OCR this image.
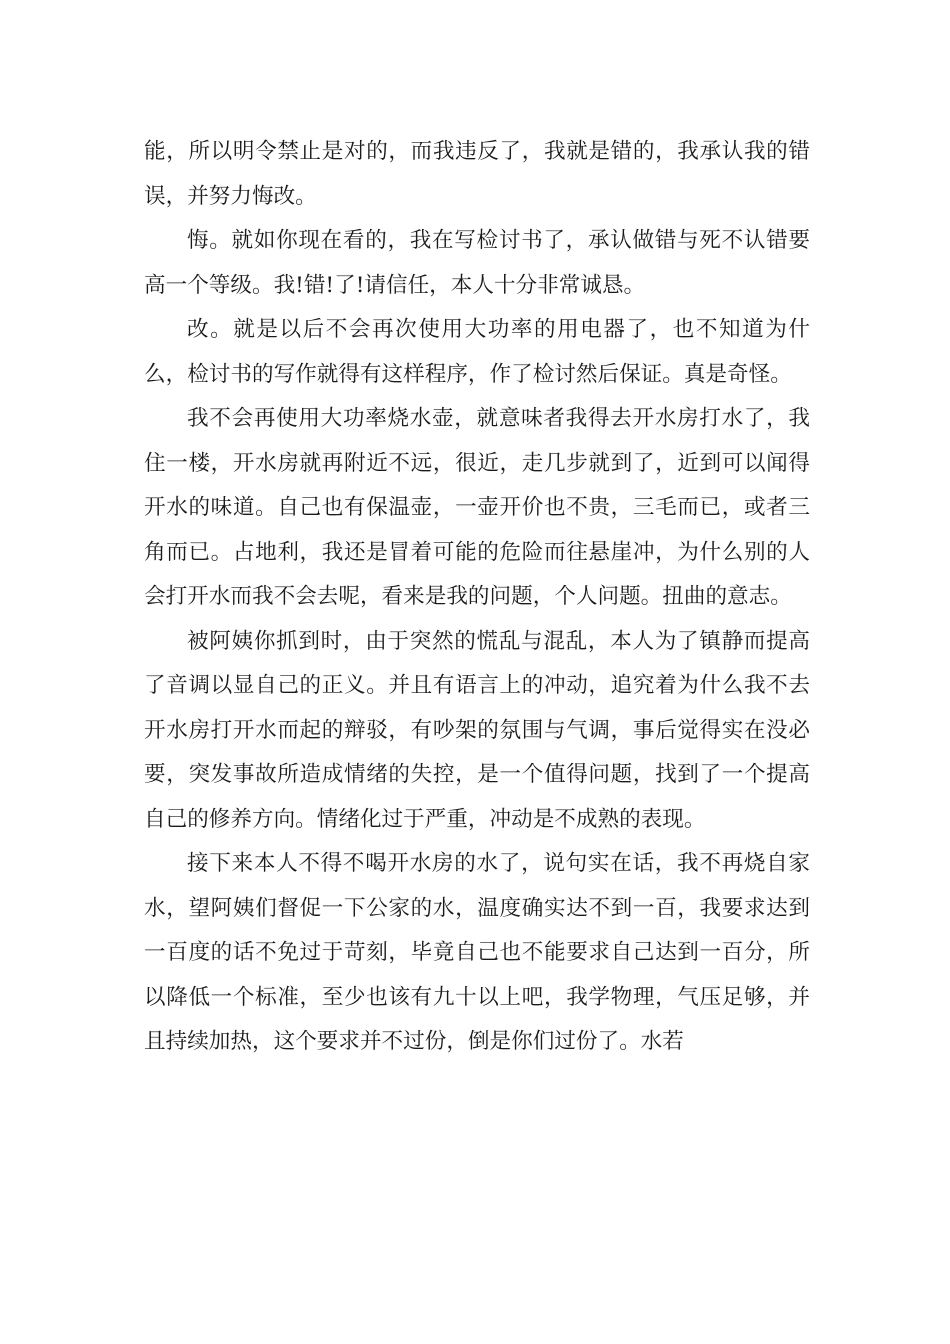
能，所以明令禁止是对的，而我违反了，我就是错的，我承认我的错误，并努力悔改。

悔。就如你现在看的，我在写检讨书了，承认做错与死不认错要高一个等级。我!错!了!请信任，本人十分非常诚恳。

改。就是以后不会再次使用大功率的用电器了，也不知道为什么，检讨书的写作就得有这样程序，作了检讨然后保证。真是奇怪。

我不会再使用大功率烧水壶，就意味者我得去开水房打水了，我住一楼，开水房就再附近不远，很近，走几步就到了，近到可以闻得开水的味道。自己也有保温壶，一壶开价也不贵，三毛而已，或者三角而已。占地利，我还是冒着可能的危险而往悬崖冲，为什么别的人会打开水而我不会去呢，看来是我的问题，个人问题。扭曲的意志。

被阿姨你抓到时，由于突然的慌乱与混乱，本人为了镇静而提高了音调以显自己的正义。并且有语言上的冲动，追究着为什么我不去开水房打开水而起的辩驳，有吵架的氛围与气调，事后觉得实在没必要，突发事故所造成情绪的失控，是一个值得问题，找到了一个提高自己的修养方向。情绪化过于严重，冲动是不成熟的表现。

接下来本人不得不喝开水房的水了，说句实在话，我不再烧自家水，望阿姨们督促一下公家的水，温度确实达不到一百，我要求达到一百度的话不免过于苛刻，毕竟自己也不能要求自己达到一百分，所以降低一个标准，至少也该有九十以上吧，我学物理，气压足够，并且持续加热，这个要求并不过份，倒是你们过份了。水若
